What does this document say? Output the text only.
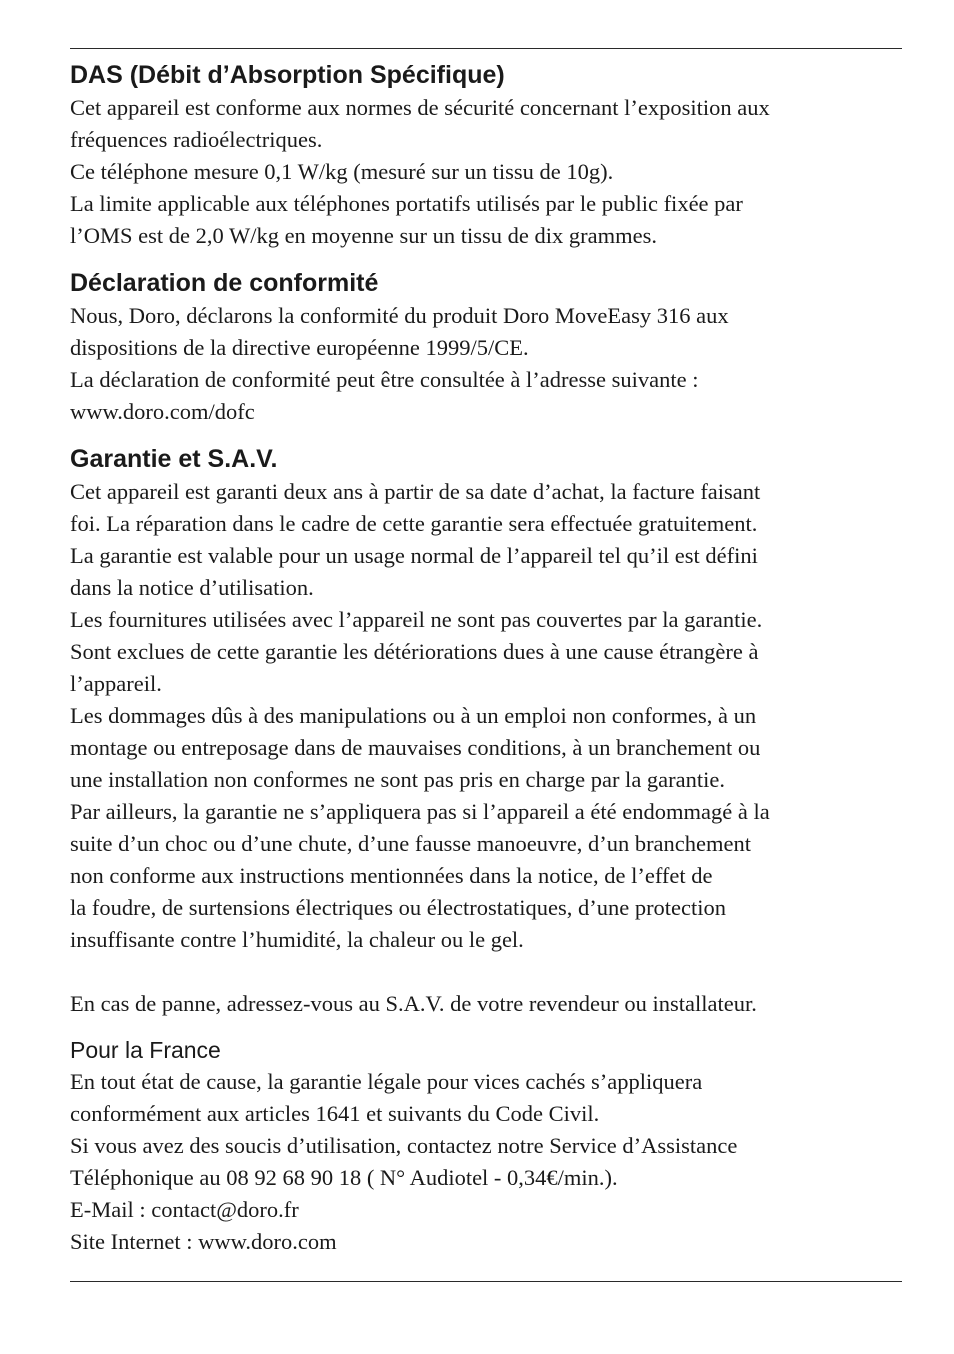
DAS (Débit d’Absorption Spécifique)

Cet appareil est conforme aux normes de sécurité concernant l’exposition aux

fréquences radioélectriques.

Ce téléphone mesure 0,1 W/kg (mesuré sur un tissu de 10g).

La limite applicable aux téléphones portatifs utilisés par le public fixée par

l’OMS est de 2,0 W/kg en moyenne sur un tissu de dix grammes.

Déclaration de conformité

Nous, Doro, déclarons la conformité du produit Doro MoveEasy 316 aux

dispositions de la directive européenne 1999/5/CE.

La déclaration de conformité peut être consultée à l’adresse suivante :

www.doro.com/dofc

Garantie et S.A.V.

Cet appareil est garanti deux ans à partir de sa date d’achat, la facture faisant

foi. La réparation dans le cadre de cette garantie sera effectuée gratuitement.

La garantie est valable pour un usage normal de l’appareil tel qu’il est défini

dans la notice d’utilisation.

Les fournitures utilisées avec l’appareil ne sont pas couvertes par la garantie.

Sont exclues de cette garantie les détériorations dues à une cause étrangère à

l’appareil.

Les dommages dûs à des manipulations ou à un emploi non conformes, à un

montage ou entreposage dans de mauvaises conditions, à un branchement ou

une installation non conformes ne sont pas pris en charge par la garantie.

Par ailleurs, la garantie ne s’appliquera pas si l’appareil a été endommagé à la

suite d’un choc ou d’une chute, d’une fausse manoeuvre, d’un branchement

non conforme aux instructions mentionnées dans la notice, de l’effet de

la foudre, de surtensions électriques ou électrostatiques, d’une protection

insuffisante contre l’humidité, la chaleur ou le gel.

En cas de panne, adressez-vous au S.A.V. de votre revendeur ou installateur.

Pour la France

En tout état de cause, la garantie légale pour vices cachés s’appliquera

conformément aux articles 1641 et suivants du Code Civil.

Si vous avez des soucis d’utilisation, contactez notre Service d’Assistance

Téléphonique au 08 92 68 90 18 ( N° Audiotel - 0,34€/min.).

E-Mail : contact@doro.fr

Site Internet : www.doro.com
